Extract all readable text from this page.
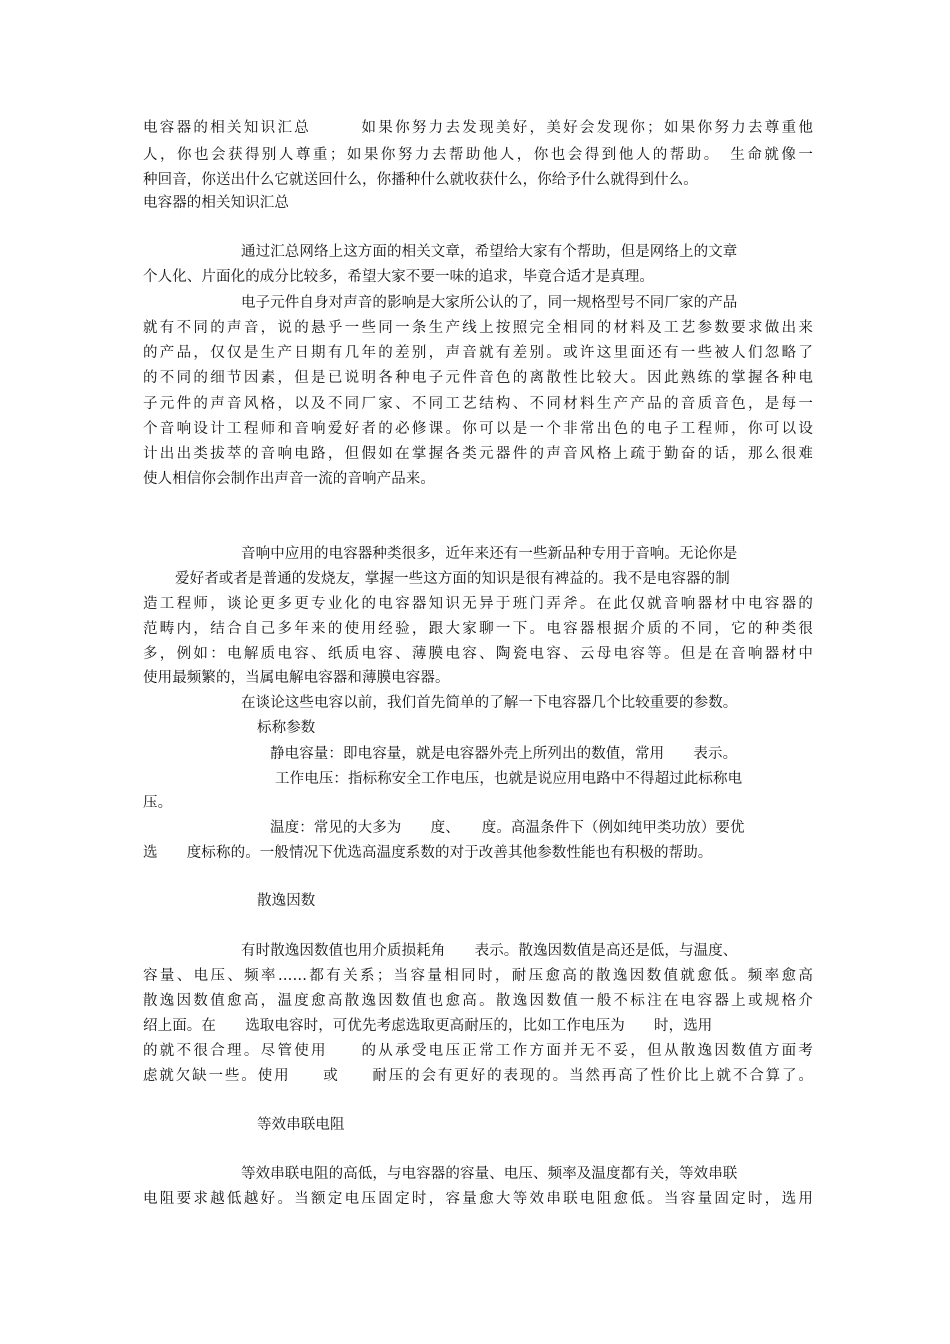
电容器的相关知识汇总　　　如果你努力去发现美好，美好会发现你；如果你努力去尊重他
人，你也会获得别人尊重；如果你努力去帮助他人，你也会得到他人的帮助。　生命就像一
种回音，你送出什么它就送回什么，你播种什么就收获什么，你给予什么就得到什么。
电容器的相关知识汇总
通过汇总网络上这方面的相关文章，希望给大家有个帮助，但是网络上的文章
个人化、片面化的成分比较多，希望大家不要一味的追求，毕竟合适才是真理。
电子元件自身对声音的影响是大家所公认的了，同一规格型号不同厂家的产品
就有不同的声音，说的悬乎一些同一条生产线上按照完全相同的材料及工艺参数要求做出来
的产品，仅仅是生产日期有几年的差别，声音就有差别。或许这里面还有一些被人们忽略了
的不同的细节因素，但是已说明各种电子元件音色的离散性比较大。因此熟练的掌握各种电
子元件的声音风格，以及不同厂家、不同工艺结构、不同材料生产产品的音质音色，是每一
个音响设计工程师和音响爱好者的必修课。你可以是一个非常出色的电子工程师，你可以设
计出出类拔萃的音响电路，但假如在掌握各类元器件的声音风格上疏于勤奋的话，那么很难
使人相信你会制作出声音一流的音响产品来。
音响中应用的电容器种类很多，近年来还有一些新品种专用于音响。无论你是
爱好者或者是普通的发烧友，掌握一些这方面的知识是很有裨益的。我不是电容器的制
造工程师，谈论更多更专业化的电容器知识无异于班门弄斧。在此仅就音响器材中电容器的
范畴内，结合自己多年来的使用经验，跟大家聊一下。电容器根据介质的不同，它的种类很
多，例如：电解质电容、纸质电容、薄膜电容、陶瓷电容、云母电容等。但是在音响器材中
使用最频繁的，当属电解电容器和薄膜电容器。
在谈论这些电容以前，我们首先简单的了解一下电容器几个比较重要的参数。
标称参数
静电容量：即电容量，就是电容器外壳上所列出的数值，常用　　表示。
工作电压：指标称安全工作电压，也就是说应用电路中不得超过此标称电
压。
温度：常见的大多为　　度、　　度。高温条件下（例如纯甲类功放）要优
选　　度标称的。一般情况下优选高温度系数的对于改善其他参数性能也有积极的帮助。
散逸因数
有时散逸因数值也用介质损耗角　　表示。散逸因数值是高还是低，与温度、
容量、电压、频率……都有关系；当容量相同时，耐压愈高的散逸因数值就愈低。频率愈高
散逸因数值愈高，温度愈高散逸因数值也愈高。散逸因数值一般不标注在电容器上或规格介
绍上面。在　　选取电容时，可优先考虑选取更高耐压的，比如工作电压为　　时，选用
的就不很合理。尽管使用　　的从承受电压正常工作方面并无不妥，但从散逸因数值方面考
虑就欠缺一些。使用　　或　　耐压的会有更好的表现的。当然再高了性价比上就不合算了。
等效串联电阻
等效串联电阻的高低，与电容器的容量、电压、频率及温度都有关，等效串联
电阻要求越低越好。当额定电压固定时，容量愈大等效串联电阻愈低。当容量固定时，选用
